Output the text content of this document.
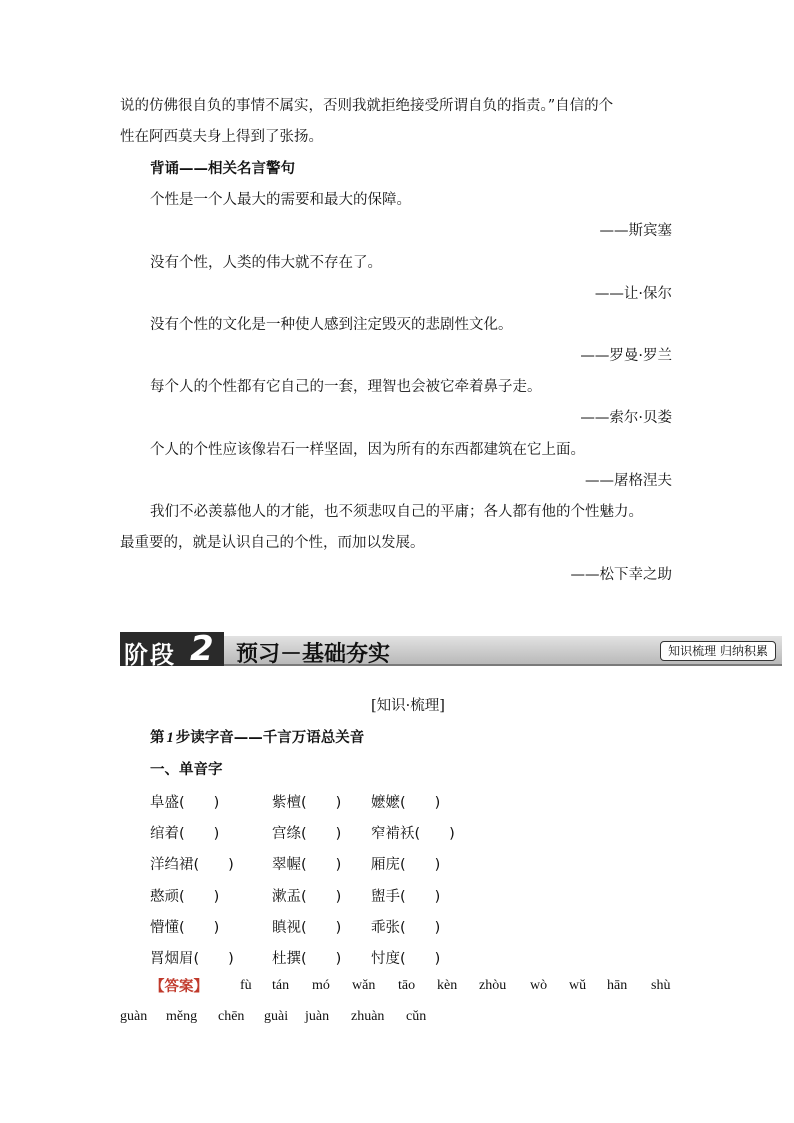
说的仿佛很自负的事情不属实，否则我就拒绝接受所谓自负的指责。”自信的个
性在阿西莫夫身上得到了张扬。
背诵——相关名言警句
个性是一个人最大的需要和最大的保障。
——斯宾塞
没有个性，人类的伟大就不存在了。
——让·保尔
没有个性的文化是一种使人感到注定毁灭的悲剧性文化。
——罗曼·罗兰
每个人的个性都有它自己的一套，理智也会被它牵着鼻子走。
——索尔·贝娄
个人的个性应该像岩石一样坚固，因为所有的东西都建筑在它上面。
——屠格涅夫
我们不必羡慕他人的才能，也不须悲叹自己的平庸；各人都有他的个性魅力。
最重要的，就是认识自己的个性，而加以发展。
——松下幸之助
阶段 2 预习－基础夯实	知识梳理 归纳积累
[知识·梳理]
第 1 步读字音——千言万语总关音
一、单音字
阜盛(　　)	紫檀(　　) 嬷嬷(　　)
绾着(　　)	宫绦(　　) 窄褃袄(　　)
洋绉裙(　　)	翠幄(　　) 厢庑(　　)
憨顽(　　)	漱盂(　　) 盥手(　　)
懵懂(　　)	瞋视(　　) 乖张(　　)
罥烟眉(　　)	杜撰(　　) 忖度(　　)
【答案】 fù tán mó wǎn tāo kèn zhòu wò wǔ hān shù
guàn měng chēn guài juàn zhuàn cǔn
